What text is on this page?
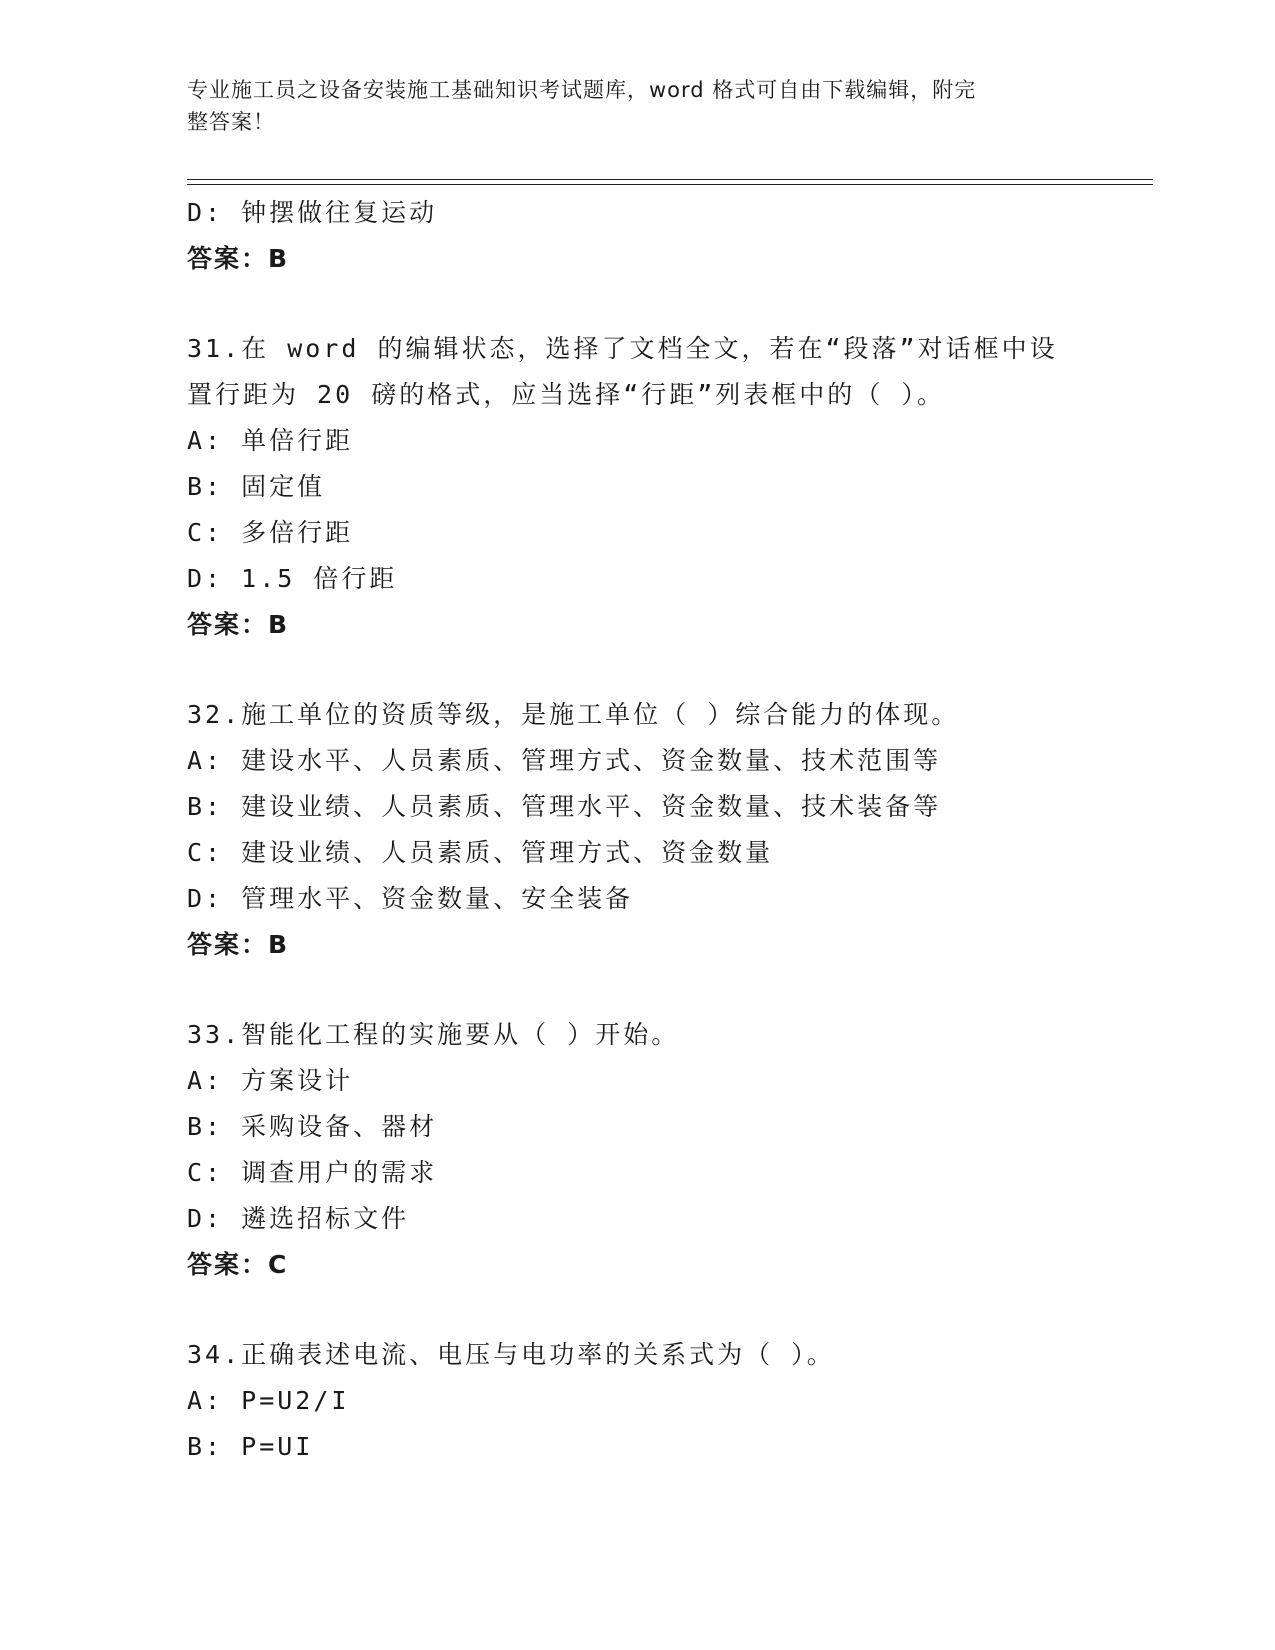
专业施工员之设备安装施工基础知识考试题库，word 格式可自由下载编辑，附完
整答案！
D: 钟摆做往复运动
答案：B
31.在 word 的编辑状态，选择了文档全文，若在“段落”对话框中设
置行距为 20 磅的格式，应当选择“行距”列表框中的（ ）。
A: 单倍行距
B: 固定值
C: 多倍行距
D: 1.5 倍行距
答案：B
32.施工单位的资质等级，是施工单位（ ）综合能力的体现。
A: 建设水平、人员素质、管理方式、资金数量、技术范围等
B: 建设业绩、人员素质、管理水平、资金数量、技术装备等
C: 建设业绩、人员素质、管理方式、资金数量
D: 管理水平、资金数量、安全装备
答案：B
33.智能化工程的实施要从（ ）开始。
A: 方案设计
B: 采购设备、器材
C: 调查用户的需求
D: 遴选招标文件
答案：C
34.正确表述电流、电压与电功率的关系式为（ ）。
A: P=U2/I
B: P=UI
